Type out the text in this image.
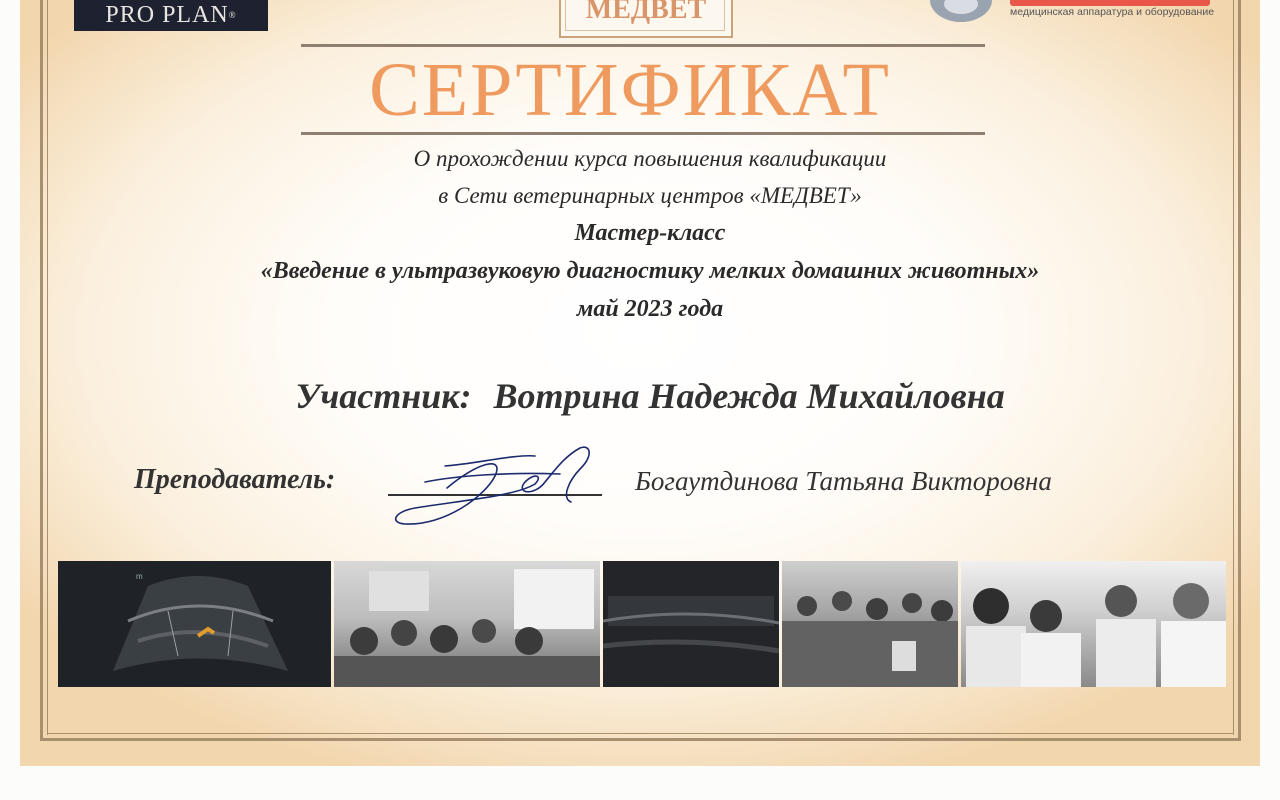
PRO PLAN®	МЕДВЕТ	медицинская аппаратура и оборудование
СЕРТИФИКАТ
О прохождении курса повышения квалификации
в Сети ветеринарных центров «МЕДВЕТ»
Мастер-класс
«Введение в ультразвуковую диагностику мелких домашних животных»
май 2023 года
Участник: Вотрина Надежда Михайловна
Преподаватель:	Богаутдинова Татьяна Викторовна
m
